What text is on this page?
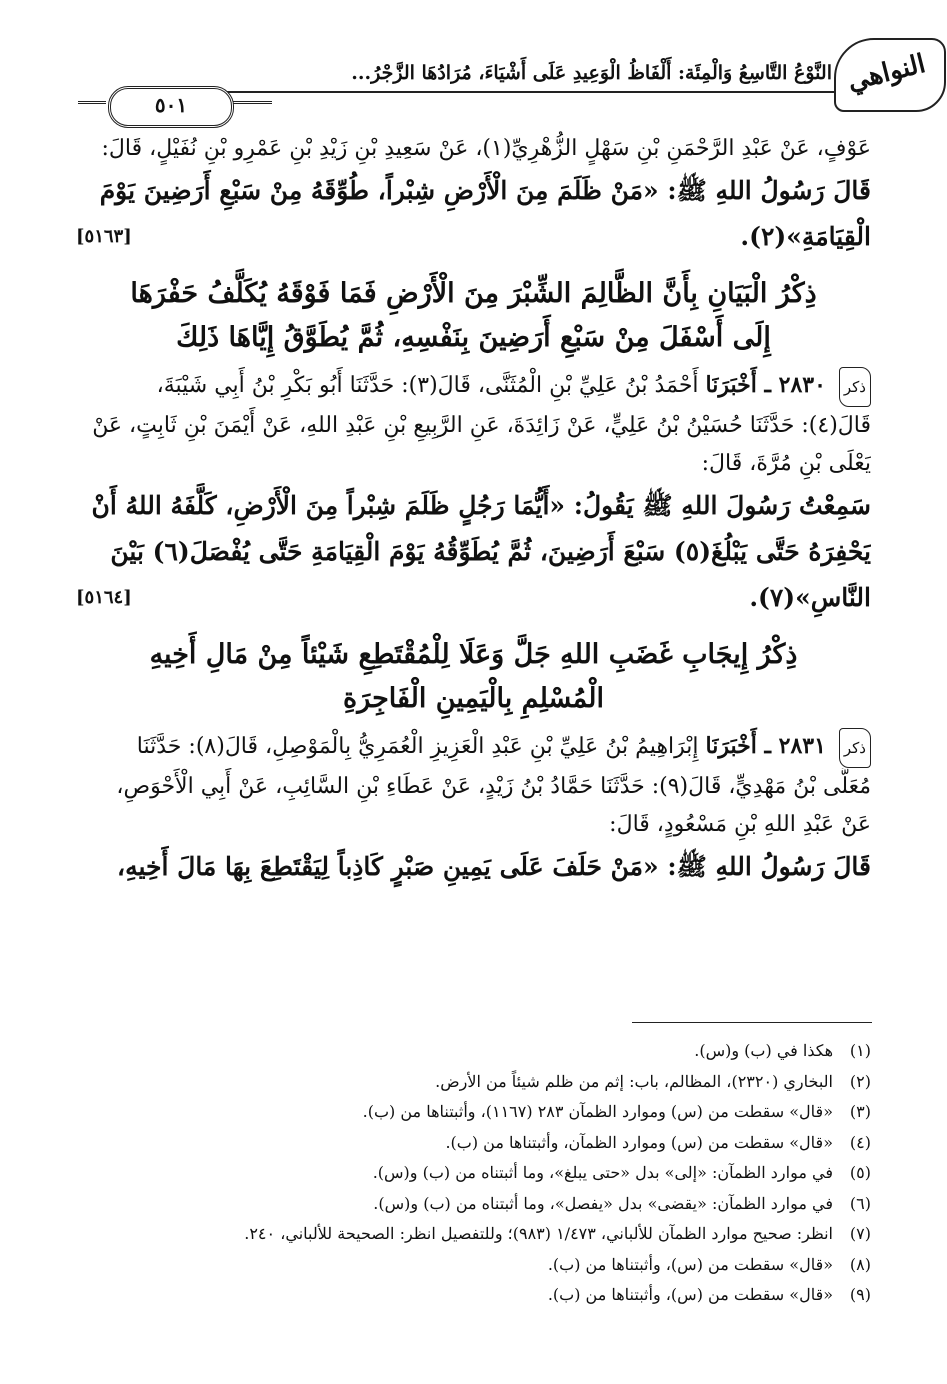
٥٠١
النَّوْعُ التَّاسِعُ وَالْمِئَة: أَلْفَاظُ الْوَعِيدِ عَلَى أَشْيَاءَ، مُرَادُهَا الزَّجْرُ... النواهي
عَوْفٍ، عَنْ عَبْدِ الرَّحْمَنِ بْنِ سَهْلٍ الزُّهْرِيِّ(١)، عَنْ سَعِيدِ بْنِ زَيْدِ بْنِ عَمْرِو بْنِ نُفَيْلٍ، قَالَ:
قَالَ رَسُولُ اللهِ ﷺ: «مَنْ ظَلَمَ مِنَ الْأَرْضِ شِبْراً، طُوِّقَهُ مِنْ سَبْعِ أَرَضِينَ يَوْمَ
الْقِيَامَةِ»(٢).
[٥١٦٣]
ذِكْرُ الْبَيَانِ بِأَنَّ الظَّالِمَ الشِّبْرَ مِنَ الْأَرْضِ فَمَا فَوْقَهُ يُكَلَّفُ حَفْرَهَا
إِلَى أَسْفَلَ مِنْ سَبْعِ أَرَضِينَ بِنَفْسِهِ، ثُمَّ يُطَوَّقُ إِيَّاهَا ذَلِكَ
ذكر ٢٨٣٠ ـ أَخْبَرَنَا أَحْمَدُ بْنُ عَلِيِّ بْنِ الْمُثَنَّى، قَالَ(٣): حَدَّثَنَا أَبُو بَكْرِ بْنُ أَبِي شَيْبَةَ،
قَالَ(٤): حَدَّثَنَا حُسَيْنُ بْنُ عَلِيٍّ، عَنْ زَائِدَةَ، عَنِ الرَّبِيعِ بْنِ عَبْدِ اللهِ، عَنْ أَيْمَنَ بْنِ ثَابِتٍ، عَنْ
يَعْلَى بْنِ مُرَّةَ، قَالَ:
سَمِعْتُ رَسُولَ اللهِ ﷺ يَقُولُ: «أَيُّمَا رَجُلٍ ظَلَمَ شِبْراً مِنَ الْأَرْضِ، كَلَّفَهُ اللهُ أَنْ
يَحْفِرَهُ حَتَّى يَبْلُغَ(٥) سَبْعَ أَرَضِينَ، ثُمَّ يُطَوِّقُهُ يَوْمَ الْقِيَامَةِ حَتَّى يُفْصَلَ(٦) بَيْنَ
النَّاسِ»(٧).
[٥١٦٤]
ذِكْرُ إِيجَابِ غَضَبِ اللهِ جَلَّ وَعَلَا لِلْمُقْتَطِعِ شَيْئاً مِنْ مَالِ أَخِيهِ
الْمُسْلِمِ بِالْيَمِينِ الْفَاجِرَةِ
ذكر ٢٨٣١ ـ أَخْبَرَنَا إِبْرَاهِيمُ بْنُ عَلِيِّ بْنِ عَبْدِ الْعَزِيزِ الْعُمَرِيُّ بِالْمَوْصِلِ، قَالَ(٨): حَدَّثَنَا
مُعَلَّى بْنُ مَهْدِيٍّ، قَالَ(٩): حَدَّثَنَا حَمَّادُ بْنُ زَيْدٍ، عَنْ عَطَاءِ بْنِ السَّائِبِ، عَنْ أَبِي الْأَحْوَصِ،
عَنْ عَبْدِ اللهِ بْنِ مَسْعُودٍ، قَالَ:
قَالَ رَسُولُ اللهِ ﷺ: «مَنْ حَلَفَ عَلَى يَمِينِ صَبْرٍ كَاذِباً لِيَقْتَطِعَ بِهَا مَالَ أَخِيهِ،
(١)هكذا في (ب) و(س).
(٢)البخاري (٢٣٢٠)، المظالم، باب: إثم من ظلم شيئاً من الأرض.
(٣)«قال» سقطت من (س) وموارد الظمآن ٢٨٣ (١١٦٧)، وأثبتناها من (ب).
(٤)«قال» سقطت من (س) وموارد الظمآن، وأثبتناها من (ب).
(٥)في موارد الظمآن: «إلى» بدل «حتى يبلغ»، وما أثبتناه من (ب) و(س).
(٦)في موارد الظمآن: «يقضى» بدل «يفصل»، وما أثبتناه من (ب) و(س).
(٧)انظر: صحيح موارد الظمآن للألباني، ١/٤٧٣ (٩٨٣)؛ وللتفصيل انظر: الصحيحة للألباني، ٢٤٠.
(٨)«قال» سقطت من (س)، وأثبتناها من (ب).
(٩)«قال» سقطت من (س)، وأثبتناها من (ب).
